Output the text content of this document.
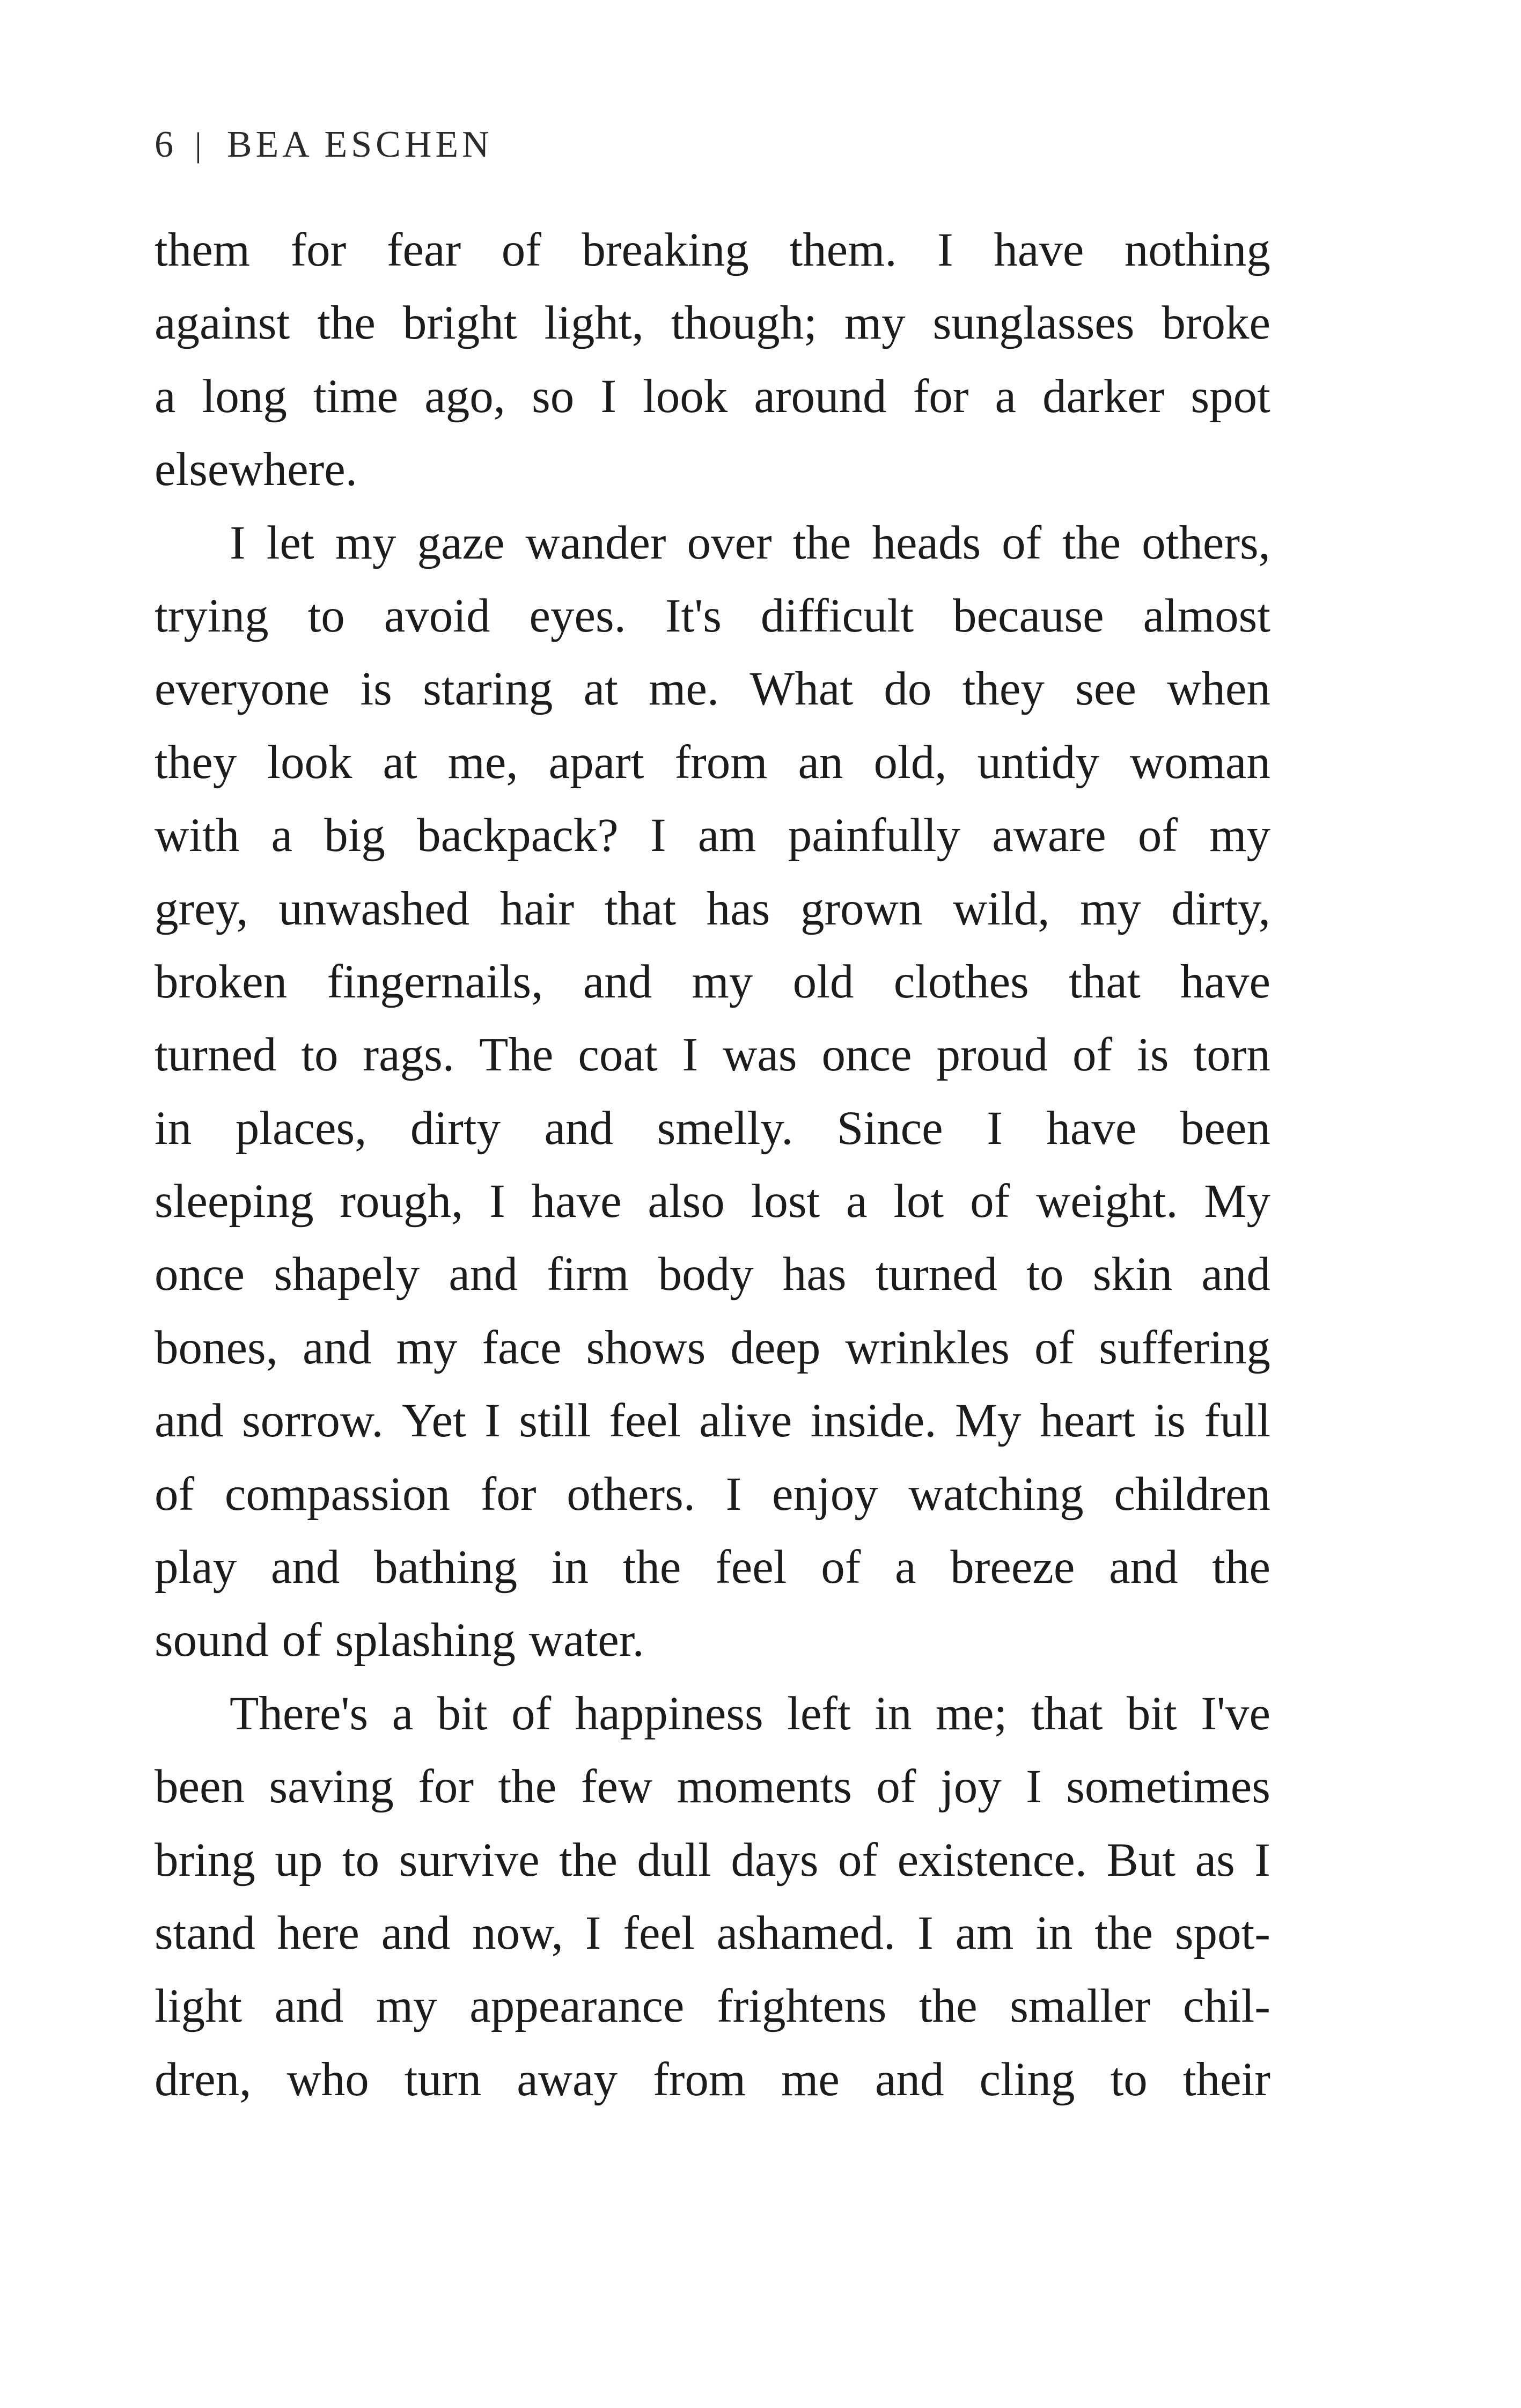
6 | BEA ESCHEN
them for fear of breaking them. I have nothing
against the bright light, though; my sunglasses broke
a long time ago, so I look around for a darker spot
elsewhere.
I let my gaze wander over the heads of the others,
trying to avoid eyes. It's difficult because almost
everyone is staring at me. What do they see when
they look at me, apart from an old, untidy woman
with a big backpack? I am painfully aware of my
grey, unwashed hair that has grown wild, my dirty,
broken fingernails, and my old clothes that have
turned to rags. The coat I was once proud of is torn
in places, dirty and smelly. Since I have been
sleeping rough, I have also lost a lot of weight. My
once shapely and firm body has turned to skin and
bones, and my face shows deep wrinkles of suffering
and sorrow. Yet I still feel alive inside. My heart is full
of compassion for others. I enjoy watching children
play and bathing in the feel of a breeze and the
sound of splashing water.
There's a bit of happiness left in me; that bit I've
been saving for the few moments of joy I sometimes
bring up to survive the dull days of existence. But as I
stand here and now, I feel ashamed. I am in the spot-
light and my appearance frightens the smaller chil-
dren, who turn away from me and cling to their
